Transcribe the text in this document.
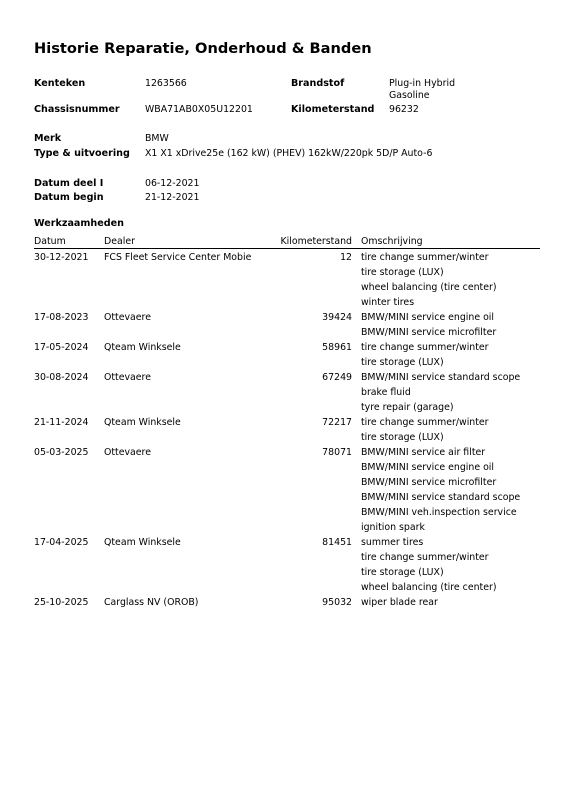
Historie Reparatie, Onderhoud & Banden
Kenteken	1263566	Brandstof	Plug-in Hybrid
Gasoline
Chassisnummer	WBA71AB0X05U12201	Kilometerstand 96232
Merk	BMW
Type & uitvoering X1 X1 xDrive25e (162 kW) (PHEV) 162kW/220pk 5D/P Auto-6
Datum deel I	06-12-2021
Datum begin	21-12-2021
Werkzaamheden
Datum	Dealer	Kilometerstand Omschrijving
30-12-2021 FCS Fleet Service Center Mobie	12 tire change summer/winter
tire storage (LUX)
wheel balancing (tire center)
winter tires
17-08-2023 Ottevaere	39424 BMW/MINI service engine oil
BMW/MINI service microfilter
17-05-2024 Qteam Winksele	58961 tire change summer/winter
tire storage (LUX)
30-08-2024 Ottevaere	67249 BMW/MINI service standard scope
brake fluid
tyre repair (garage)
21-11-2024 Qteam Winksele	72217 tire change summer/winter
tire storage (LUX)
05-03-2025 Ottevaere	78071 BMW/MINI service air filter
BMW/MINI service engine oil
BMW/MINI service microfilter
BMW/MINI service standard scope
BMW/MINI veh.inspection service
ignition spark
17-04-2025 Qteam Winksele	81451 summer tires
tire change summer/winter
tire storage (LUX)
wheel balancing (tire center)
25-10-2025 Carglass NV (OROB)	95032 wiper blade rear
